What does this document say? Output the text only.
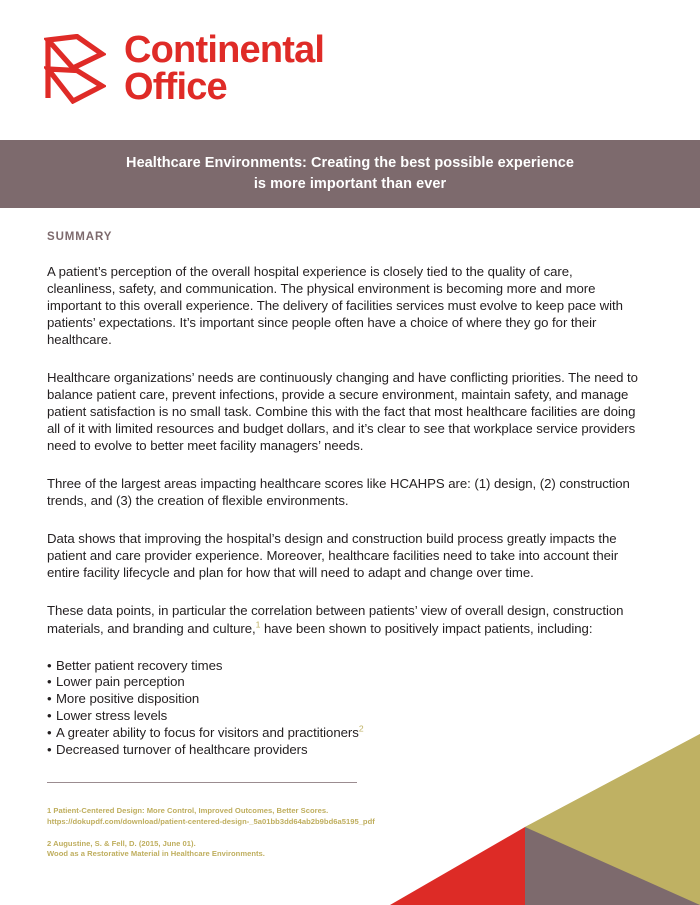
Continental
Office
Healthcare Environments: Creating the best possible experience
is more important than ever
SUMMARY

A patient’s perception of the overall hospital experience is closely tied to the quality of care, cleanliness, safety, and communication. The physical environment is becoming more and more important to this overall experience. The delivery of facilities services must evolve to keep pace with patients’ expectations. It’s important since people often have a choice of where they go for their healthcare.

Healthcare organizations’ needs are continuously changing and have conflicting priorities. The need to balance patient care, prevent infections, provide a secure environment, maintain safety, and manage patient satisfaction is no small task. Combine this with the fact that most healthcare facilities are doing all of it with limited resources and budget dollars, and it’s clear to see that workplace service providers need to evolve to better meet facility managers’ needs.

Three of the largest areas impacting healthcare scores like HCAHPS are: (1) design, (2) construction trends, and (3) the creation of flexible environments.

Data shows that improving the hospital’s design and construction build process greatly impacts the patient and care provider experience. Moreover, healthcare facilities need to take into account their entire facility lifecycle and plan for how that will need to adapt and change over time.

These data points, in particular the correlation between patients’ view of overall design, construction materials, and branding and culture,$^1$ have been shown to positively impact patients, including:

• Better patient recovery times
• Lower pain perception
• More positive disposition
• Lower stress levels
• A greater ability to focus for visitors and practitioners$^2$
• Decreased turnover of healthcare providers
1 Patient-Centered Design: More Control, Improved Outcomes, Better Scores.
https://dokupdf.com/download/patient-centered-design-_5a01bb3dd64ab2b9bd6a5195_pdf
2 Augustine, S. & Fell, D. (2015, June 01).
Wood as a Restorative Material in Healthcare Environments.
